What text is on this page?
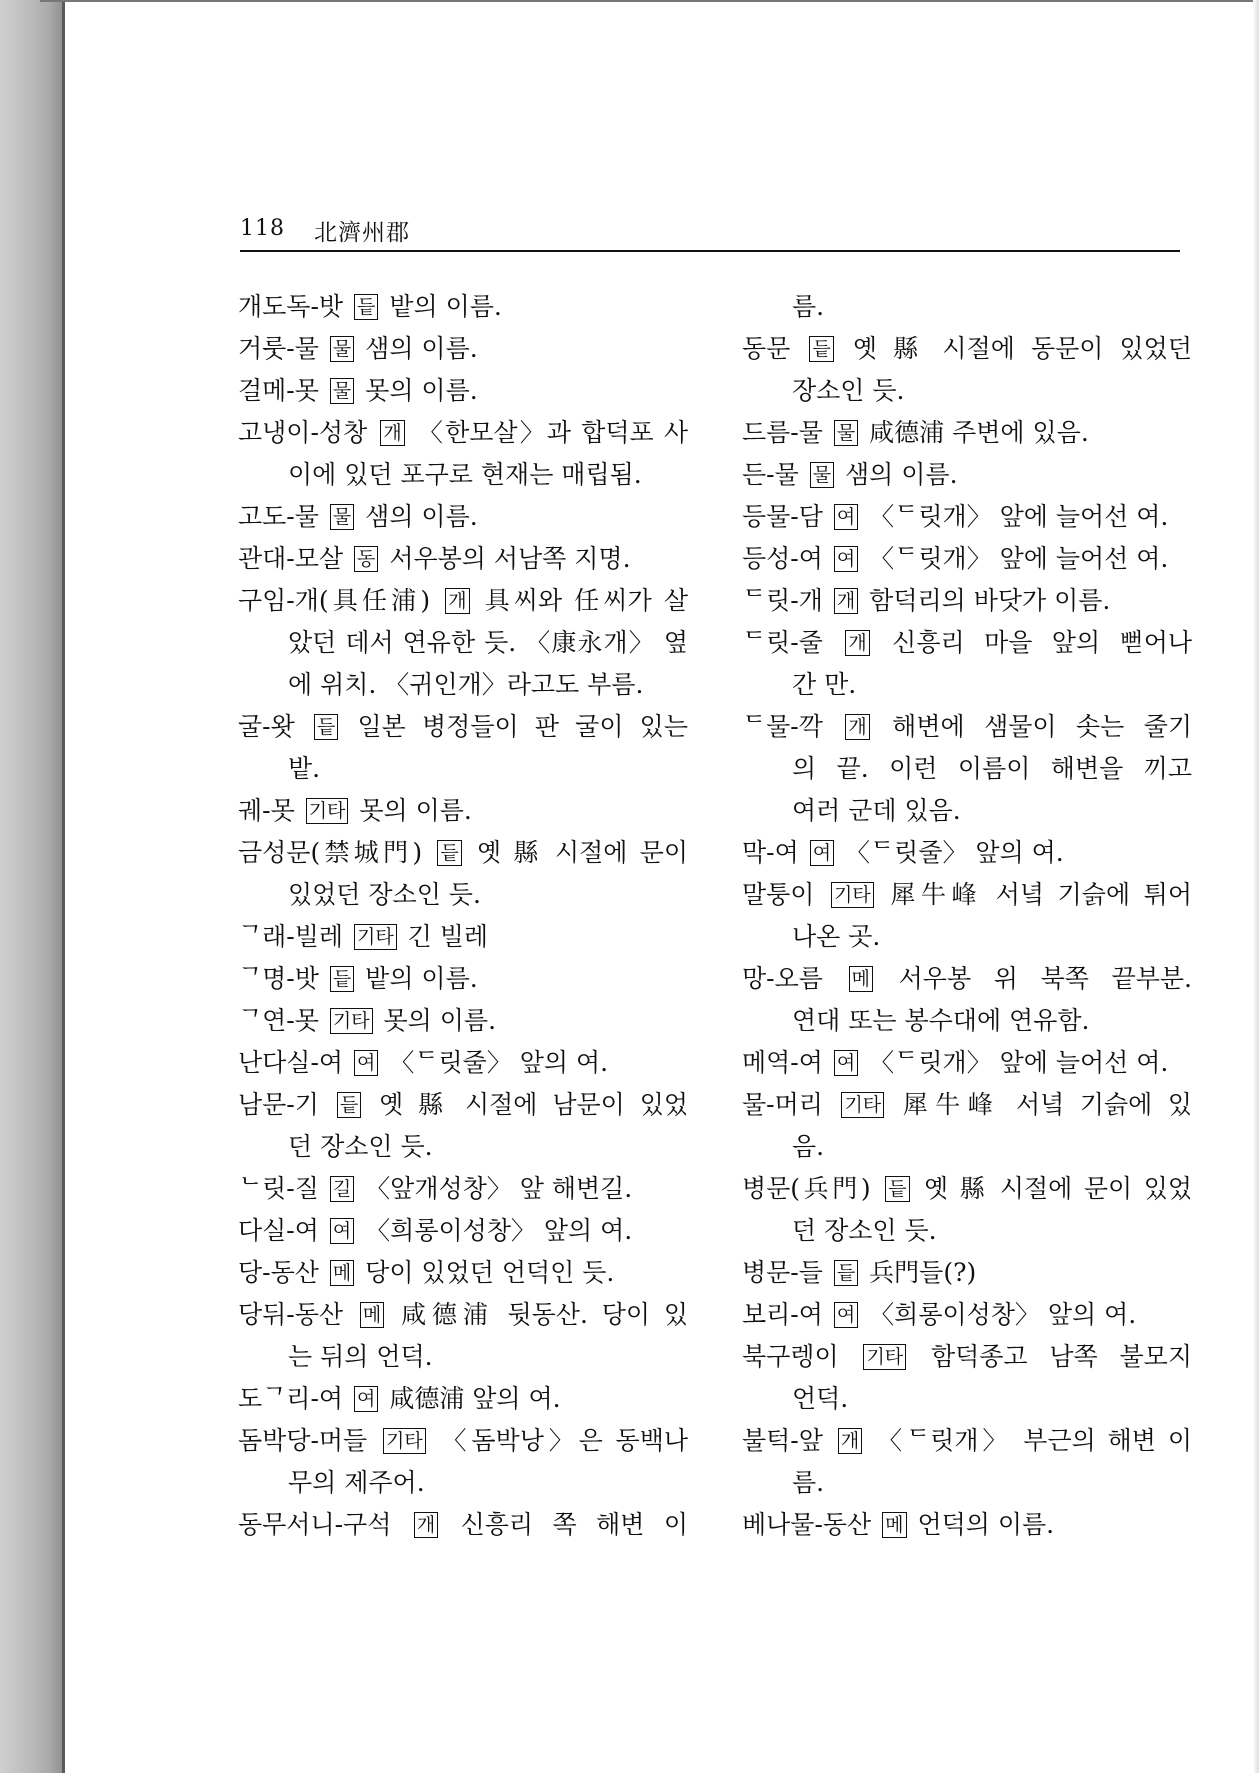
118 北濟州郡
개도독-밧 듵 밭의 이름.
거룻-물 물 샘의 이름.
걸메-못 물 못의 이름.
고냉이-성창 개 〈한모살〉과 합덕포 사
이에 있던 포구로 현재는 매립됨.
고도-물 물 샘의 이름.
관대-모살 동 서우봉의 서남쪽 지명.
구임-개(具任浦) 개 具씨와 任씨가 살
았던 데서 연유한 듯. 〈康永개〉 옆
에 위치. 〈귀인개〉라고도 부름.
굴-왓 듵 일본 병정들이 판 굴이 있는
밭.
궤-못 기타 못의 이름.
금성문(禁城門) 듵 옛 縣 시절에 문이
있었던 장소인 듯.
ᄀ래-빌레 기타 긴 빌레
ᄀ명-밧 듵 밭의 이름.
ᄀ연-못 기타 못의 이름.
난다실-여 여 〈ᄃ릿줄〉 앞의 여.
남문-기 듵 옛 縣 시절에 남문이 있었
던 장소인 듯.
ᄂ릿-질 길 〈앞개성창〉 앞 해변길.
다실-여 여 〈희롱이성창〉 앞의 여.
당-동산 메 당이 있었던 언덕인 듯.
당뒤-동산 메 咸德浦 뒷동산. 당이 있
는 뒤의 언덕.
도ᄀ리-여 여 咸德浦 앞의 여.
돔박당-머들 기타 〈돔박낭〉은 동백나
무의 제주어.
동무서니-구석 개 신흥리 쪽 해변 이
름.
동문 듵 옛 縣 시절에 동문이 있었던
장소인 듯.
드름-물 물 咸德浦 주변에 있음.
든-물 물 샘의 이름.
등물-담 여 〈ᄃ릿개〉 앞에 늘어선 여.
등성-여 여 〈ᄃ릿개〉 앞에 늘어선 여.
ᄃ릿-개 개 함덕리의 바닷가 이름.
ᄃ릿-줄 개 신흥리 마을 앞의 뻗어나
간 만.
ᄃ물-깍 개 해변에 샘물이 솟는 줄기
의 끝. 이런 이름이 해변을 끼고
여러 군데 있음.
막-여 여 〈ᄃ릿줄〉 앞의 여.
말퉁이 기타 犀牛峰 서녘 기슭에 튀어
나온 곳.
망-오름 메 서우봉 위 북쪽 끝부분.
연대 또는 봉수대에 연유함.
메역-여 여 〈ᄃ릿개〉 앞에 늘어선 여.
물-머리 기타 犀牛峰 서녘 기슭에 있
음.
병문(兵門) 듵 옛 縣 시절에 문이 있었
던 장소인 듯.
병문-들 듵 兵門들(?)
보리-여 여 〈희롱이성창〉 앞의 여.
북구렝이 기타 함덕종고 남쪽 불모지
언덕.
불턱-앞 개 〈ᄃ릿개〉 부근의 해변 이
름.
베나물-동산 메 언덕의 이름.
